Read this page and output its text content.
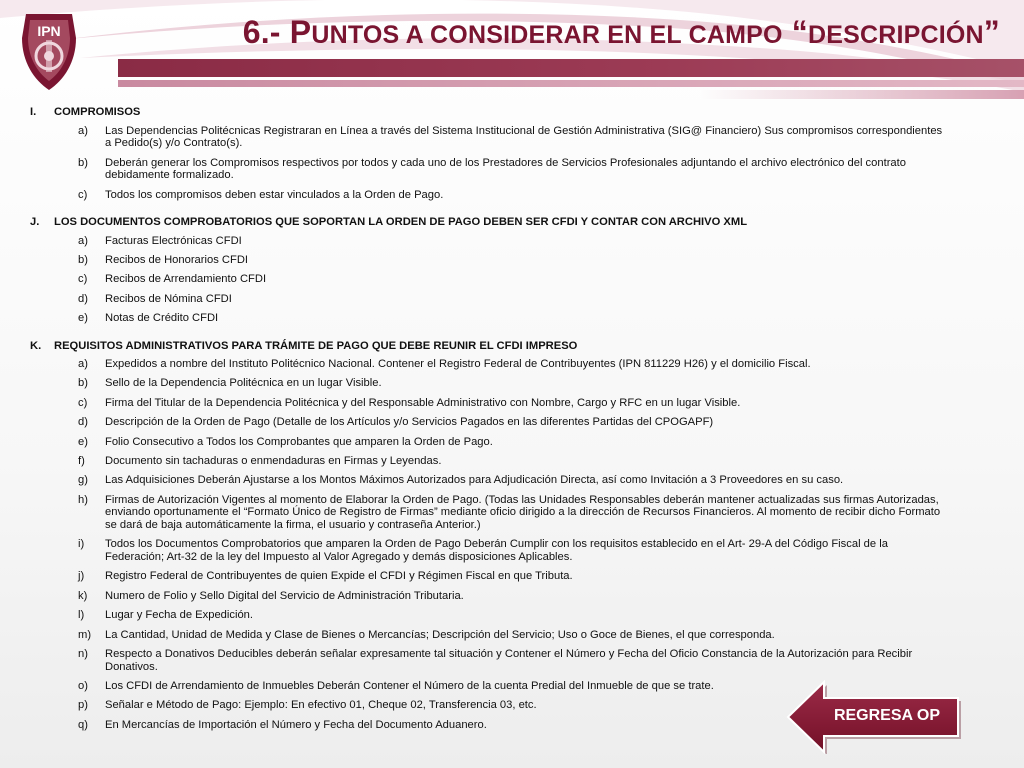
IPN	6.- PUNTOS A CONSIDERAR EN EL CAMPO “DESCRIPCIÓN”
I.	COMPROMISOS
a)	Las Dependencias Politécnicas Registraran en Línea a través del Sistema Institucional de Gestión Administrativa (SIG@ Financiero) Sus compromisos correspondientes a Pedido(s) y/o Contrato(s).
b)	Deberán generar los Compromisos respectivos por todos y cada uno de los Prestadores de Servicios Profesionales adjuntando el archivo electrónico del contrato debidamente formalizado.
c)	Todos los compromisos deben estar vinculados a la Orden de Pago.
J.	LOS DOCUMENTOS COMPROBATORIOS QUE SOPORTAN LA ORDEN DE PAGO DEBEN SER CFDI Y CONTAR CON ARCHIVO XML
a)	Facturas Electrónicas CFDI
b)	Recibos de Honorarios CFDI
c)	Recibos de Arrendamiento CFDI
d)	Recibos de Nómina CFDI
e)	Notas de Crédito CFDI
K.	REQUISITOS ADMINISTRATIVOS PARA TRÁMITE DE PAGO QUE DEBE REUNIR EL CFDI IMPRESO
a)	Expedidos a nombre del Instituto Politécnico Nacional. Contener el Registro Federal de Contribuyentes (IPN 811229 H26) y el domicilio Fiscal.
b)	Sello de la Dependencia Politécnica en un lugar Visible.
c)	Firma del Titular de la Dependencia Politécnica y del Responsable Administrativo con Nombre, Cargo y RFC en un lugar Visible.
d)	Descripción de la Orden de Pago (Detalle de los Artículos y/o Servicios Pagados en las diferentes Partidas del CPOGAPF)
e)	Folio Consecutivo a Todos los Comprobantes que amparen la Orden de Pago.
f)	Documento sin tachaduras o enmendaduras en Firmas y Leyendas.
g)	Las Adquisiciones Deberán Ajustarse a los Montos Máximos Autorizados para Adjudicación Directa, así como Invitación a 3 Proveedores en su caso.
h)	Firmas de Autorización Vigentes al momento de Elaborar la Orden de Pago. (Todas las Unidades Responsables deberán mantener actualizadas sus firmas Autorizadas, enviando oportunamente el “Formato Único de Registro de Firmas” mediante oficio dirigido a la dirección de Recursos Financieros. Al momento de recibir dicho Formato se dará de baja automáticamente la firma, el usuario y contraseña Anterior.)
i)	Todos los Documentos Comprobatorios que amparen la Orden de Pago Deberán Cumplir con los requisitos establecido en el Art- 29-A del Código Fiscal de la Federación; Art-32 de la ley del Impuesto al Valor Agregado y demás disposiciones Aplicables.
j)	Registro Federal de Contribuyentes de quien Expide el CFDI y Régimen Fiscal en que Tributa.
k)	Numero de Folio y Sello Digital del Servicio de Administración Tributaria.
l)	Lugar y Fecha de Expedición.
m)	La Cantidad, Unidad de Medida y Clase de Bienes o Mercancías; Descripción del Servicio; Uso o Goce de Bienes, el que corresponda.
n)	Respecto a Donativos Deducibles deberán señalar expresamente tal situación y Contener el Número y Fecha del Oficio Constancia de la Autorización para Recibir Donativos.
o)	Los CFDI de Arrendamiento de Inmuebles Deberán Contener el Número de la cuenta Predial del Inmueble de que se trate.
p)	Señalar e Método de Pago: Ejemplo: En efectivo 01, Cheque 02, Transferencia 03, etc.
q)	En Mercancías de Importación el Número y Fecha del Documento Aduanero.
REGRESA OP
